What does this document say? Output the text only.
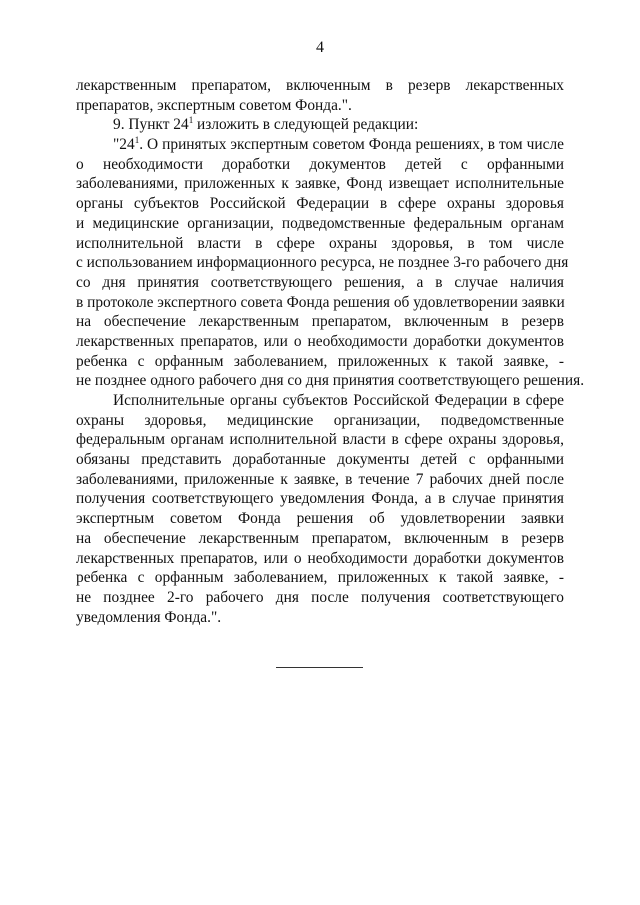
4
лекарственным препаратом, включенным в резерв лекарственных
препаратов, экспертным советом Фонда.".
9. Пункт $24^1$ изложить в следующей редакции:
"$24^1$. О принятых экспертным советом Фонда решениях, в том числе
о необходимости доработки документов детей с орфанными
заболеваниями, приложенных к заявке, Фонд извещает исполнительные
органы субъектов Российской Федерации в сфере охраны здоровья
и медицинские организации, подведомственные федеральным органам
исполнительной власти в сфере охраны здоровья, в том числе
с использованием информационного ресурса, не позднее 3-го рабочего дня
со дня принятия соответствующего решения, а в случае наличия
в протоколе экспертного совета Фонда решения об удовлетворении заявки
на обеспечение лекарственным препаратом, включенным в резерв
лекарственных препаратов, или о необходимости доработки документов
ребенка с орфанным заболеванием, приложенных к такой заявке, -
не позднее одного рабочего дня со дня принятия соответствующего решения.
Исполнительные органы субъектов Российской Федерации в сфере
охраны здоровья, медицинские организации, подведомственные
федеральным органам исполнительной власти в сфере охраны здоровья,
обязаны представить доработанные документы детей с орфанными
заболеваниями, приложенные к заявке, в течение 7 рабочих дней после
получения соответствующего уведомления Фонда, а в случае принятия
экспертным советом Фонда решения об удовлетворении заявки
на обеспечение лекарственным препаратом, включенным в резерв
лекарственных препаратов, или о необходимости доработки документов
ребенка с орфанным заболеванием, приложенных к такой заявке, -
не позднее 2-го рабочего дня после получения соответствующего
уведомления Фонда.".
